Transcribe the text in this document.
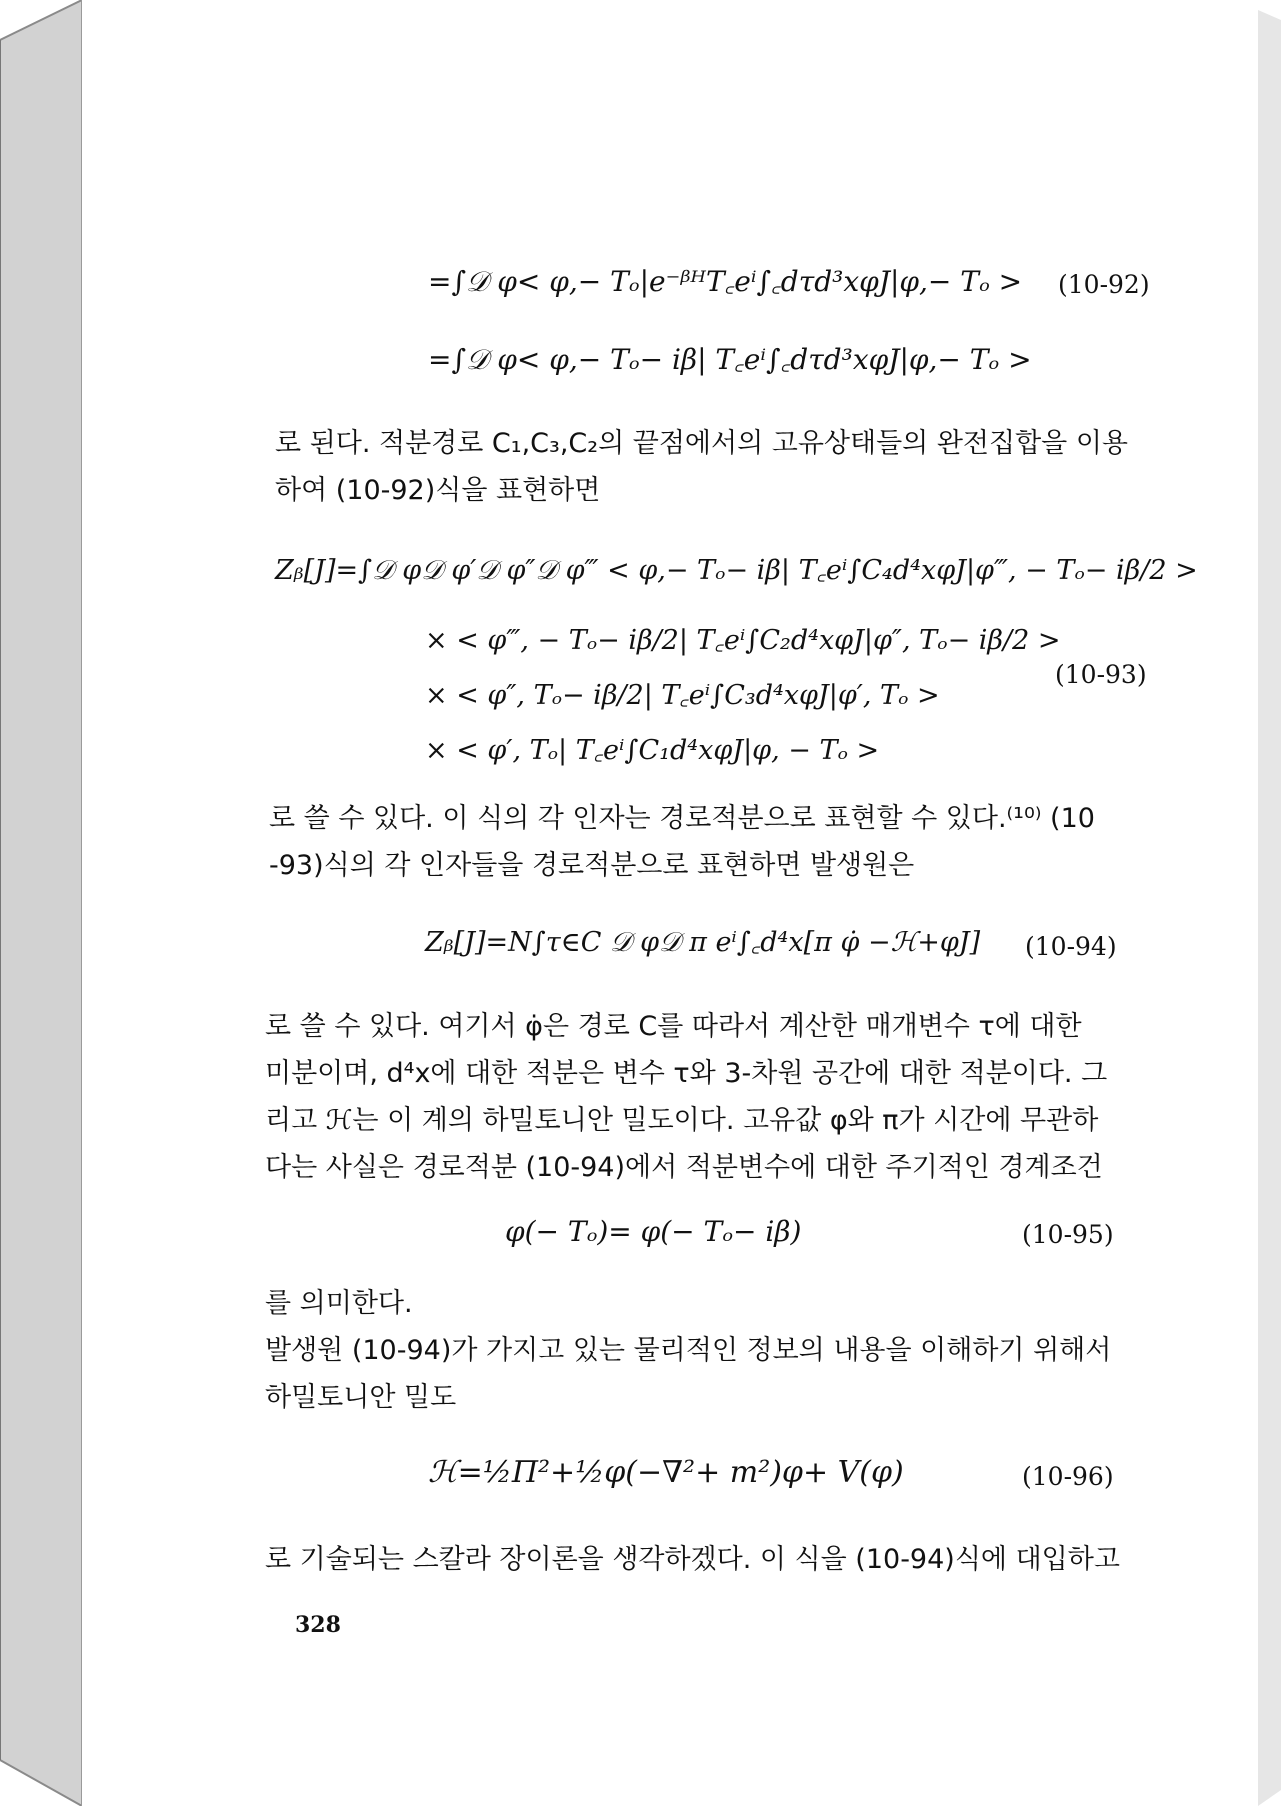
=∫𝒟 φ< φ,− Tₒ|e⁻ᵝᴴT꜀eⁱ∫꜀dτd³xφJ|φ,− Tₒ > (10-92)
=∫𝒟 φ< φ,− Tₒ− iβ| T꜀eⁱ∫꜀dτd³xφJ|φ,− Tₒ >
로 된다. 적분경로 C₁,C₃,C₂의 끝점에서의 고유상태들의 완전집합을 이용
하여 (10-92)식을 표현하면
Zᵦ[J]=∫𝒟 φ𝒟 φ′𝒟 φ″𝒟 φ‴ < φ,− Tₒ− iβ| T꜀eⁱ∫C₄d⁴xφJ|φ‴, − Tₒ− iβ/2 >
× < φ‴, − Tₒ− iβ/2| T꜀eⁱ∫C₂d⁴xφJ|φ″, Tₒ− iβ/2 >
× < φ″, Tₒ− iβ/2| T꜀eⁱ∫C₃d⁴xφJ|φ′, Tₒ >
(10-93)
× < φ′, Tₒ| T꜀eⁱ∫C₁d⁴xφJ|φ, − Tₒ >
로 쓸 수 있다. 이 식의 각 인자는 경로적분으로 표현할 수 있다.⁽¹⁰⁾ (10
-93)식의 각 인자들을 경로적분으로 표현하면 발생원은
Zᵦ[J]=N∫τ∈C 𝒟 φ𝒟 π eⁱ∫꜀d⁴x[π φ̇ −ℋ+φJ] (10-94)
로 쓸 수 있다. 여기서 φ̇은 경로 C를 따라서 계산한 매개변수 τ에 대한
미분이며, d⁴x에 대한 적분은 변수 τ와 3-차원 공간에 대한 적분이다. 그
리고 ℋ는 이 계의 하밀토니안 밀도이다. 고유값 φ와 π가 시간에 무관하
다는 사실은 경로적분 (10-94)에서 적분변수에 대한 주기적인 경계조건
φ(− Tₒ)= φ(− Tₒ− iβ)	(10-95)
를 의미한다.
발생원 (10-94)가 가지고 있는 물리적인 정보의 내용을 이해하기 위해서
하밀토니안 밀도
ℋ=½Π²+½φ(−∇²+ m²)φ+ V(φ)	(10-96)
로 기술되는 스칼라 장이론을 생각하겠다. 이 식을 (10-94)식에 대입하고
328
